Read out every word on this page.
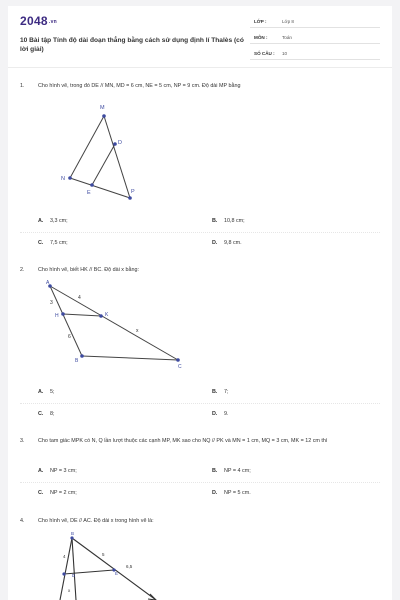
2048.vn
10 Bài tập Tính độ dài đoạn thẳng bằng cách sử dụng định lí Thalès (có lời giải)
LỚP :	Lớp 8
MÔN :	Toán
SỐ CÂU : 10
1.	Cho hình vẽ, trong đó DE // MN, MD = 6 cm, NE = 5 cm, NP = 9 cm. Độ dài MP bằng
M
D
N
E	P
A. 3,3 cm;	B. 10,8 cm;
C. 7,5 cm;	D. 9,8 cm.
2.	Cho hình vẽ, biết HK // BC. Độ dài x bằng:
A
H	K
B
C
3
4
6
x
A. 5;	B. 7;
C. 8;	D. 9.
3.	Cho tam giác MPK có N, Q lần lượt thuộc các cạnh MP, MK sao cho NQ // PK và MN = 1 cm, MQ = 3 cm, MK = 12 cm thì
A. NP = 3 cm;	B. NP = 4 cm;
C. NP = 2 cm;	D. NP = 5 cm.
4.	Cho hình vẽ, DE // AC. Độ dài x trong hình vẽ là:
B
D	E
4	5
6,5
x
